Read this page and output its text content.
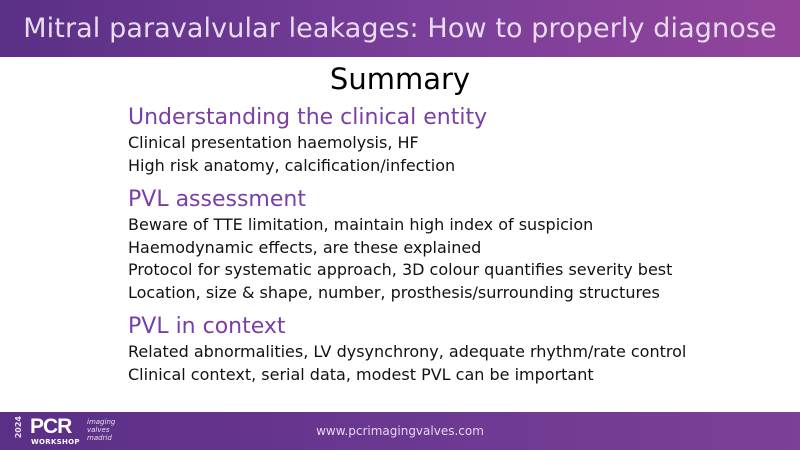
Mitral paravalvular leakages: How to properly diagnose
Summary
Understanding the clinical entity
Clinical presentation haemolysis, HF
High risk anatomy, calcification/infection
PVL assessment
Beware of TTE limitation, maintain high index of suspicion
Haemodynamic effects, are these explained
Protocol for systematic approach, 3D colour quantifies severity best
Location, size & shape, number, prosthesis/surrounding structures
PVL in context
Related abnormalities, LV dysynchrony, adequate rhythm/rate control
Clinical context, serial data, modest PVL can be important
www.pcrimagingvalves.com
2024 PCR
WORKSHOP
imaging
valves
madrid
